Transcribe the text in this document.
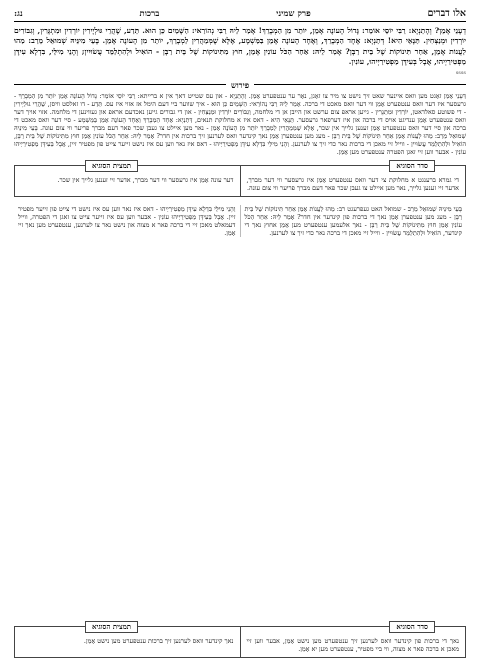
אלו דברים
פרק שמיני
ברכות
נג:
דְעָנֵי אָמֵן? וְהָתַנְיָא: רַבִּי יוֹסֵי אוֹמֵר: גָּדוֹל הָעוֹנֶה אָמֵן, יוֹתֵר מִן הַמְבָרֵךְ! אָמַר לֵיהּ רַבִּי נְהוֹרַאי: הַשָּׁמַיִם כֵּן הוּא. תֵּדַע, שֶׁהֲרֵי גּוּלְיָירִין יוֹרְדִין וּמִתְגָּרִין, וְגִבּוֹרִים יוֹרְדִין וּמְנַצְּחִין. תַּנָּאֵי הִיא! דְּתַנְיָא: אֶחָד הַמְבָרֵךְ, וְאֶחָד הָעוֹנֶה אָמֵן בַּמַּשְׁמָע, אֶלָּא שֶׁמְּמַהֲרִין לַמְבָרֵךְ, יוֹתֵר מִן הָעוֹנֶה אָמֵן. בָּעֵי מִינֵּיהּ שְׁמוּאֵל מֵרַב: מַהוּ לַעֲנוֹת אָמֵן, אַחַר תִּינוֹקוֹת שֶׁל בֵּית רַבָּן? אָמַר לֵיהּ: אַחַר הַכֹּל עוֹנִין אָמֵן, חוּץ מִתִּינוֹקוֹת שֶׁל בֵּית רַבָּן - הוֹאִיל וּלְהִתְלַמֵּד עֲשׂוּיִין; וְהָנֵי מִילֵּי, בִּדְלָא עִידָּן מַפְטִירַיְיהוּ, אֲבָל בְּעִידָּן מַפְטִירַיְיהוּ, עוֹנִין.
ssss
פירוש
דְּעָנֵי אָמֵן זאָגט מען וואס איינער שאט זיך נישט צו מיר צו זאָגן, נאָר ער ענטפערט אָמֵן. וְהָתַנְיָא - און עס שטייט דאך אין א ברייתא: רַבִּי יוֹסֵי אוֹמֵר: גָּדוֹל הָעוֹנֶה אָמֵן יוֹתֵר מִן הַמְבָרֵךְ - גרעסער איז דער וואס ענטפערט אָמֵן ווי דער וואס מאכט די ברכה. אָמַר לֵיהּ רַבִּי נְהוֹרַאי: הַשָּׁמַיִם כֵּן הוּא - איך שווער ביי דעם הימל אז אזוי איז עס. תֵּדַע - דו זאלסט וויסן, שֶׁהֲרֵי גּוּלְיָירִין - די פשוטע סאלדאטן, יוֹרְדִין וּמִתְגָּרִין - גייען אראפ צום ערשט און הייבן אן די מלחמה, וְגִבּוֹרִים יוֹרְדִין וּמְנַצְּחִין - און די גבורים גייען נאכדעם אראפ און געווינען די מלחמה. אזוי אויך דער וואס ענטפערט אָמֵן ענדיגט אויס די ברכה און איז דערפאר גרעסער. תַּנָּאֵי הִיא - דאס איז א מחלוקת תנאים, דְּתַנְיָא: אֶחָד הַמְבָרֵךְ וְאֶחָד הָעוֹנֶה אָמֵן בַּמַּשְׁמָע - סיי דער וואס מאכט די ברכה און סיי דער וואס ענטפערט אָמֵן זענען גלייך אין שכר, אֶלָּא שֶׁמְּמַהֲרִין לַמְבָרֵךְ יוֹתֵר מִן הָעוֹנֶה אָמֵן - נאר מען איילט צו געבן שכר פאר דעם מברך פריער ווי צום עונה. בָּעֵי מִינֵּיהּ שְׁמוּאֵל מֵרַב: מַהוּ לַעֲנוֹת אָמֵן אַחַר תִּינוֹקוֹת שֶׁל בֵּית רַבָּן - מעג מען ענטפערן אָמֵן נאך קינדער וואס לערנען זיך ברכות אין חדר? אָמַר לֵיהּ: אַחַר הַכֹּל עוֹנִין אָמֵן חוּץ מִתִּינוֹקוֹת שֶׁל בֵּית רַבָּן, הוֹאִיל וּלְהִתְלַמֵּד עֲשׂוּיִין - ווייל זיי מאכן די ברכות נאר כדי זיך צו לערנען. וְהָנֵי מִילֵּי בִּדְלָא עִידָּן מַפְטִירַיְיהוּ - דאס איז נאר ווען עס איז נישט זייער צייט פון מפטיר זיין, אֲבָל בְּעִידָּן מַפְטִירַיְיהוּ עוֹנִין - אבער ווען זיי זאגן הפטרה ענטפערט מען אָמֵן.
סדר הסוגיא
תמצית הסוגיא
די גמרא ברענגט א מחלוקת צי דער וואס ענטפערט אָמֵן איז גרעסער ווי דער מברך, אדער זיי זענען גלייך, נאר מען איילט צו געבן שכר פאר דעם מברך פריער ווי צום עונה.
דער עונה אָמֵן איז גרעסער ווי דער מברך, אדער זיי זענען גלייך אין שכר.
בָּעֵי מִינֵּיהּ שְׁמוּאֵל מֵרַב - שמואל האט געפרעגט רב: מַהוּ לַעֲנוֹת אָמֵן אַחַר תִּינוֹקוֹת שֶׁל בֵּית רַבָּן - מעג מען ענטפערן אָמֵן נאך די ברכות פון קינדער אין חדר? אָמַר לֵיהּ: אַחַר הַכֹּל עוֹנִין אָמֵן חוּץ מִתִּינוֹקוֹת שֶׁל בֵּית רַבָּן - נאך אלעמען ענטפערט מען אָמֵן אחוץ נאך די קינדער, הוֹאִיל וּלְהִתְלַמֵּד עֲשׂוּיִין - ווייל זיי מאכן די ברכה נאר כדי זיך צו לערנען.
וְהָנֵי מִילֵּי בִּדְלָא עִידָּן מַפְטִירַיְיהוּ - דאס איז נאר ווען עס איז נישט די צייט פון זייער מפטיר זיין. אֲבָל בְּעִידָּן מַפְטִירַיְיהוּ עוֹנִין - אבער ווען עס איז זייער צייט צו זאגן די הפטרה, ווייל דעמאלט מאכן זיי די ברכה פאר א מצוה און נישט נאר צו לערנען, ענטפערט מען נאך זיי אָמֵן.
סדר הסוגיא
תמצית הסוגיא
נאך די ברכות פון קינדער וואס לערנען זיך ענטפערט מען נישט אָמֵן, אבער ווען זיי מאכן א ברכה פאר א מצוה, ווי ביי מפטיר, ענטפערט מען יא אָמֵן.
נאך קינדער וואס לערנען זיך ברכות ענטפערט מען נישט אָמֵן.
